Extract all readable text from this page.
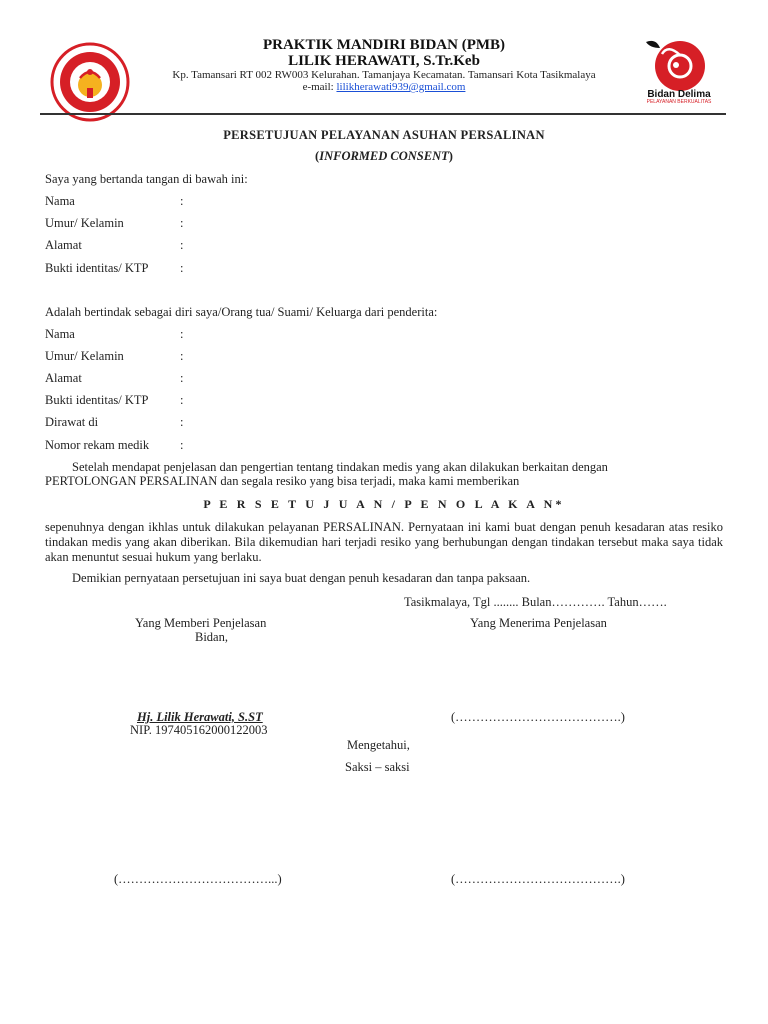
PRAKTIK MANDIRI BIDAN (PMB)
LILIK HERAWATI, S.Tr.Keb
Kp. Tamansari RT 002 RW003 Kelurahan. Tamanjaya Kecamatan. Tamansari Kota Tasikmalaya
e-mail: lilikherawati939@gmail.com
Bidan Delima
PELAYANAN BERKUALITAS
PERSETUJUAN PELAYANAN ASUHAN PERSALINAN
(INFORMED CONSENT)
Saya yang bertanda tangan di bawah ini:
Nama	:
Umur/ Kelamin	:
Alamat	:
Bukti identitas/ KTP	:
Adalah bertindak sebagai diri saya/Orang tua/ Suami/ Keluarga dari penderita:
Nama	:
Umur/ Kelamin	:
Alamat	:
Bukti identitas/ KTP	:
Dirawat di	:
Nomor rekam medik :
Setelah mendapat penjelasan dan pengertian tentang tindakan medis yang akan dilakukan berkaitan dengan
PERTOLONGAN PERSALINAN dan segala resiko yang bisa terjadi, maka kami memberikan
P E R S E T U J U A N / P E N O L A K A N*
sepenuhnya dengan ikhlas untuk dilakukan pelayanan PERSALINAN. Pernyataan ini kami buat dengan penuh kesadaran atas resiko tindakan medis yang akan diberikan. Bila dikemudian hari terjadi resiko yang berhubungan dengan tindakan tersebut maka saya tidak akan menuntut sesuai hukum yang berlaku.
Demikian pernyataan persetujuan ini saya buat dengan penuh kesadaran dan tanpa paksaan.
Tasikmalaya, Tgl ........ Bulan…………. Tahun…….
Yang Memberi Penjelasan
Bidan,
Yang Menerima Penjelasan
Hj. Lilik Herawati, S.ST
NIP. 197405162000122003
(………………………………….)
Mengetahui,
Saksi – saksi
(………………………………...)	(………………………………….)
